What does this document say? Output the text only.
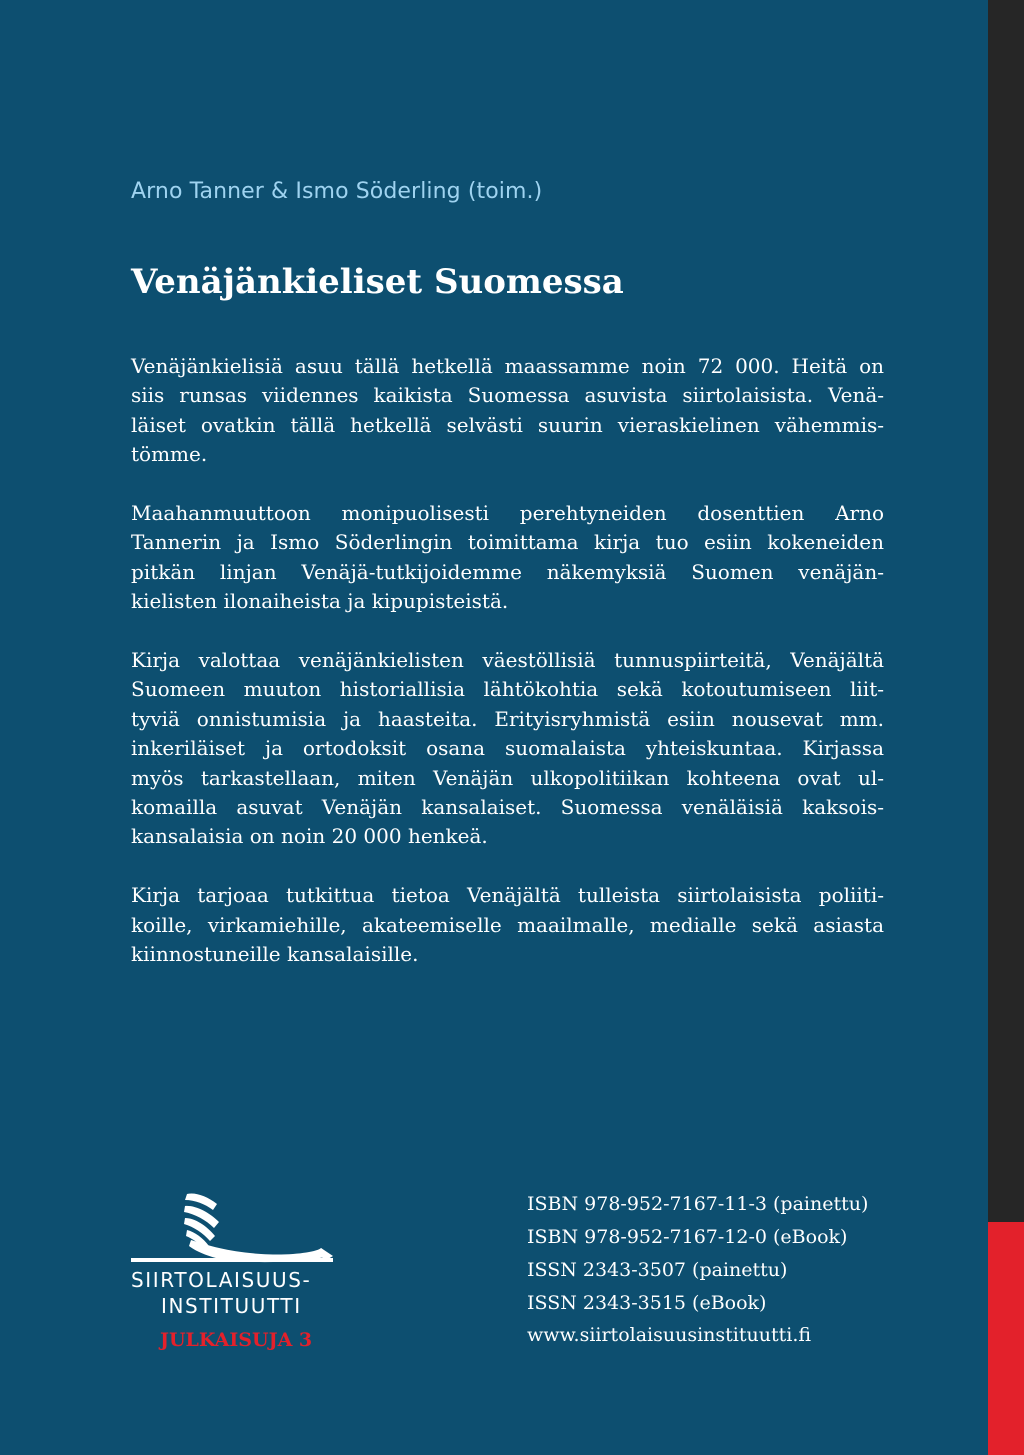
Arno Tanner & Ismo Söderling (toim.)
Venäjänkieliset Suomessa
Venäjänkielisiä asuu tällä hetkellä maassamme noin 72 000. Heitä on
siis runsas viidennes kaikista Suomessa asuvista siirtolaisista. Venä-
läiset ovatkin tällä hetkellä selvästi suurin vieraskielinen vähemmis-
tömme.
Maahanmuuttoon monipuolisesti perehtyneiden dosenttien Arno
Tannerin ja Ismo Söderlingin toimittama kirja tuo esiin kokeneiden
pitkän linjan Venäjä-tutkijoidemme näkemyksiä Suomen venäjän-
kielisten ilonaiheista ja kipupisteistä.
Kirja valottaa venäjänkielisten väestöllisiä tunnuspiirteitä, Venäjältä
Suomeen muuton historiallisia lähtökohtia sekä kotoutumiseen liit-
tyviä onnistumisia ja haasteita. Erityisryhmistä esiin nousevat mm.
inkeriläiset ja ortodoksit osana suomalaista yhteiskuntaa. Kirjassa
myös tarkastellaan, miten Venäjän ulkopolitiikan kohteena ovat ul-
komailla asuvat Venäjän kansalaiset. Suomessa venäläisiä kaksois-
kansalaisia on noin 20 000 henkeä.
Kirja tarjoaa tutkittua tietoa Venäjältä tulleista siirtolaisista poliiti-
koille, virkamiehille, akateemiselle maailmalle, medialle sekä asiasta
kiinnostuneille kansalaisille.
SIIRTOLAISUUS-
INSTITUUTTI
JULKAISUJA 3
ISBN 978-952-7167-11-3 (painettu)
ISBN 978-952-7167-12-0 (eBook)
ISSN 2343-3507 (painettu)
ISSN 2343-3515 (eBook)
www.siirtolaisuusinstituutti.fi
